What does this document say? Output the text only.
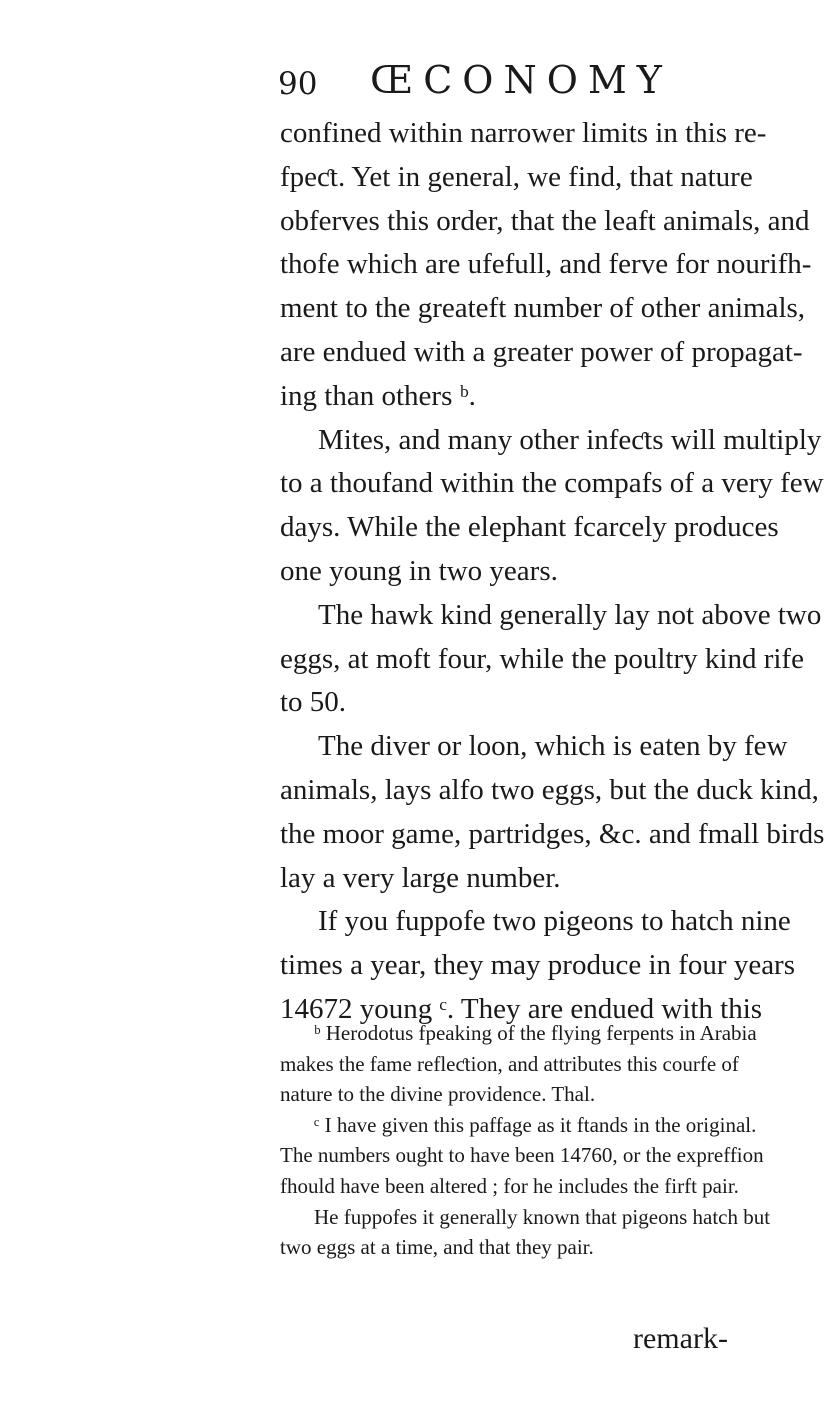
90 ŒCONOMY
confined within narrower limits in this re-
fpeƈt. Yet in general, we find, that nature
obferves this order, that the leaft animals, and
thofe which are ufefull, and ferve for nourifh-
ment to the greateft number of other animals,
are endued with a greater power of propagat-
ing than others ᵇ.
Mites, and many other infeƈts will multiply
to a thoufand within the compafs of a very few
days. While the elephant fcarcely produces
one young in two years.
The hawk kind generally lay not above two
eggs, at moft four, while the poultry kind rife
to 50.
The diver or loon, which is eaten by few
animals, lays alfo two eggs, but the duck kind,
the moor game, partridges, &c. and fmall birds
lay a very large number.
If you fuppofe two pigeons to hatch nine
times a year, they may produce in four years
14672 young ᶜ. They are endued with this
ᵇ Herodotus fpeaking of the flying ferpents in Arabia
makes the fame refleƈtion, and attributes this courfe of
nature to the divine providence. Thal.
ᶜ I have given this paffage as it ftands in the original.
The numbers ought to have been 14760, or the expreffion
fhould have been altered ; for he includes the firft pair.
He fuppofes it generally known that pigeons hatch but
two eggs at a time, and that they pair.
remark-
